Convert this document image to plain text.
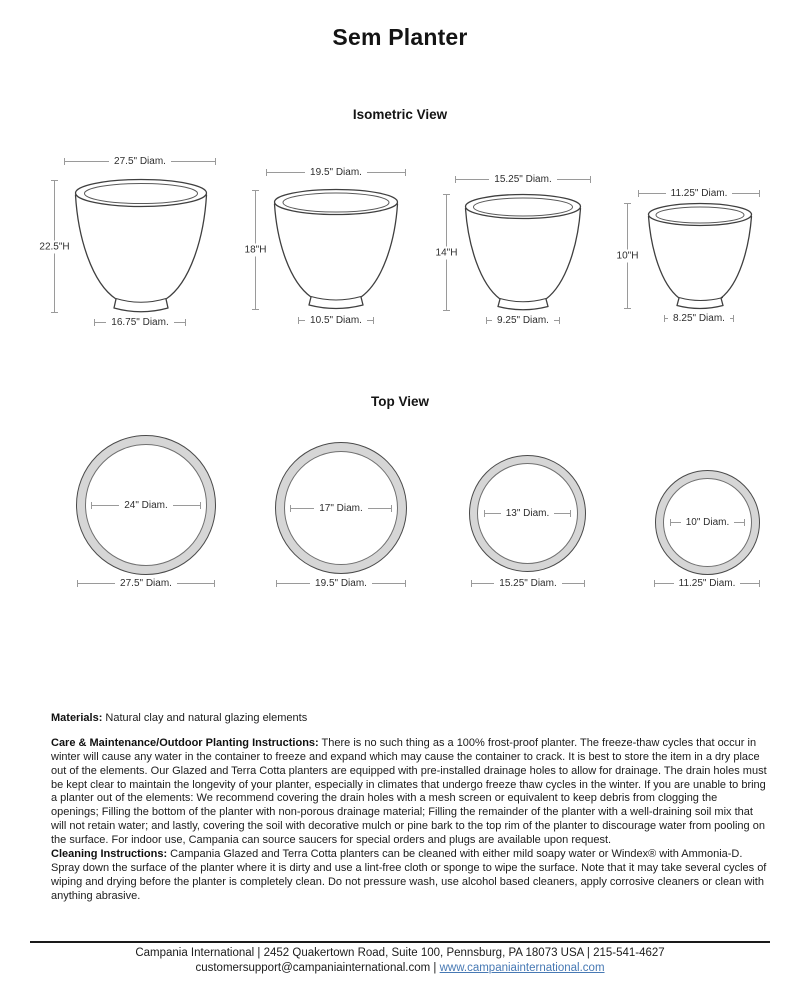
Sem Planter
Isometric View
27.5" Diam.
22.5"H
16.75" Diam.
19.5" Diam.
18"H
10.5" Diam.
15.25" Diam.
14"H
9.25" Diam.
11.25" Diam.
10"H
8.25" Diam.
Top View
24" Diam.
27.5" Diam.
17" Diam.
19.5" Diam.
13" Diam.
15.25" Diam.
10" Diam.
11.25" Diam.

Materials: Natural clay and natural glazing elements

Care & Maintenance/Outdoor Planting Instructions: There is no such thing as a 100% frost-proof planter. The freeze-thaw cycles that occur in winter will cause any water in the container to freeze and expand which may cause the container to crack. It is best to store the item in a dry place out of the elements. Our Glazed and Terra Cotta planters are equipped with pre-installed drainage holes to allow for drainage. The drain holes must be kept clear to maintain the longevity of your planter, especially in climates that undergo freeze thaw cycles in the winter. If you are unable to bring a planter out of the elements: We recommend covering the drain holes with a mesh screen or equivalent to keep debris from clogging the openings; Filling the bottom of the planter with non-porous drainage material; Filling the remainder of the planter with a well-draining soil mix that will not retain water; and lastly, covering the soil with decorative mulch or pine bark to the top rim of the planter to discourage water from pooling on the surface. For indoor use, Campania can source saucers for special orders and plugs are available upon request.

Cleaning Instructions: Campania Glazed and Terra Cotta planters can be cleaned with either mild soapy water or Windex® with Ammonia-D. Spray down the surface of the planter where it is dirty and use a lint-free cloth or sponge to wipe the surface. Note that it may take several cycles of wiping and drying before the planter is completely clean. Do not pressure wash, use alcohol based cleaners, apply corrosive cleaners or clean with anything abrasive.

Campania International | 2452 Quakertown Road, Suite 100, Pennsburg, PA 18073 USA | 215-541-4627
customersupport@campaniainternational.com | www.campaniainternational.com
